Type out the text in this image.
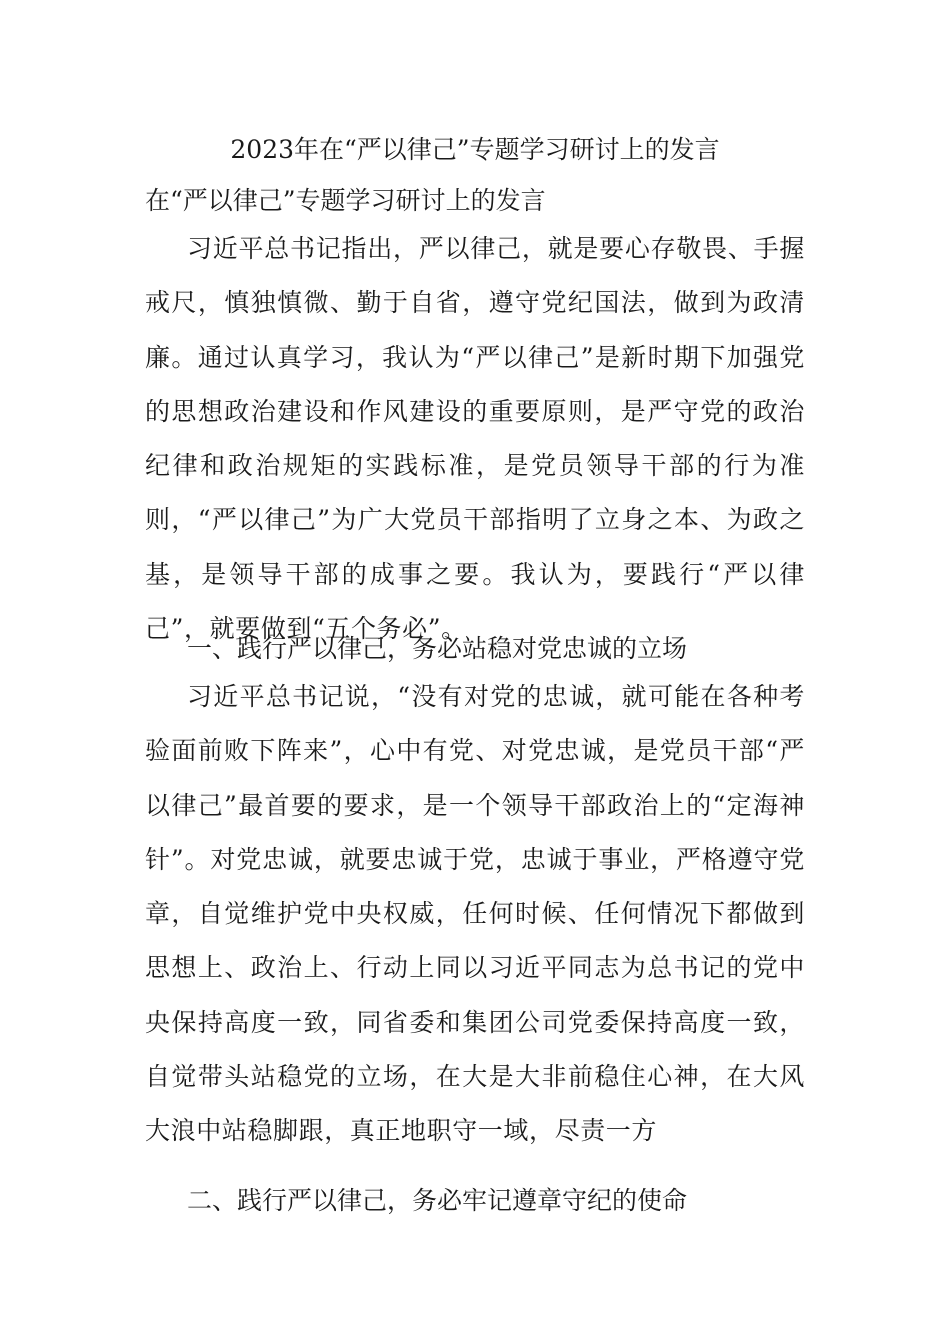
2023年在“严以律己”专题学习研讨上的发言
在“严以律己”专题学习研讨上的发言

习近平总书记指出，严以律己，就是要心存敬畏、手握戒尺，慎独慎微、勤于自省，遵守党纪国法，做到为政清廉。通过认真学习，我认为“严以律己”是新时期下加强党的思想政治建设和作风建设的重要原则，是严守党的政治纪律和政治规矩的实践标准，是党员领导干部的行为准则，“严以律己”为广大党员干部指明了立身之本、为政之基，是领导干部的成事之要。我认为，要践行“严以律己”，就要做到“五个务必”。

一、践行严以律己，务必站稳对党忠诚的立场

习近平总书记说，“没有对党的忠诚，就可能在各种考验面前败下阵来”，心中有党、对党忠诚，是党员干部“严以律己”最首要的要求，是一个领导干部政治上的“定海神针”。对党忠诚，就要忠诚于党，忠诚于事业，严格遵守党章，自觉维护党中央权威，任何时候、任何情况下都做到思想上、政治上、行动上同以习近平同志为总书记的党中央保持高度一致，同省委和集团公司党委保持高度一致，自觉带头站稳党的立场，在大是大非前稳住心神，在大风大浪中站稳脚跟，真正地职守一域，尽责一方

二、践行严以律己，务必牢记遵章守纪的使命
